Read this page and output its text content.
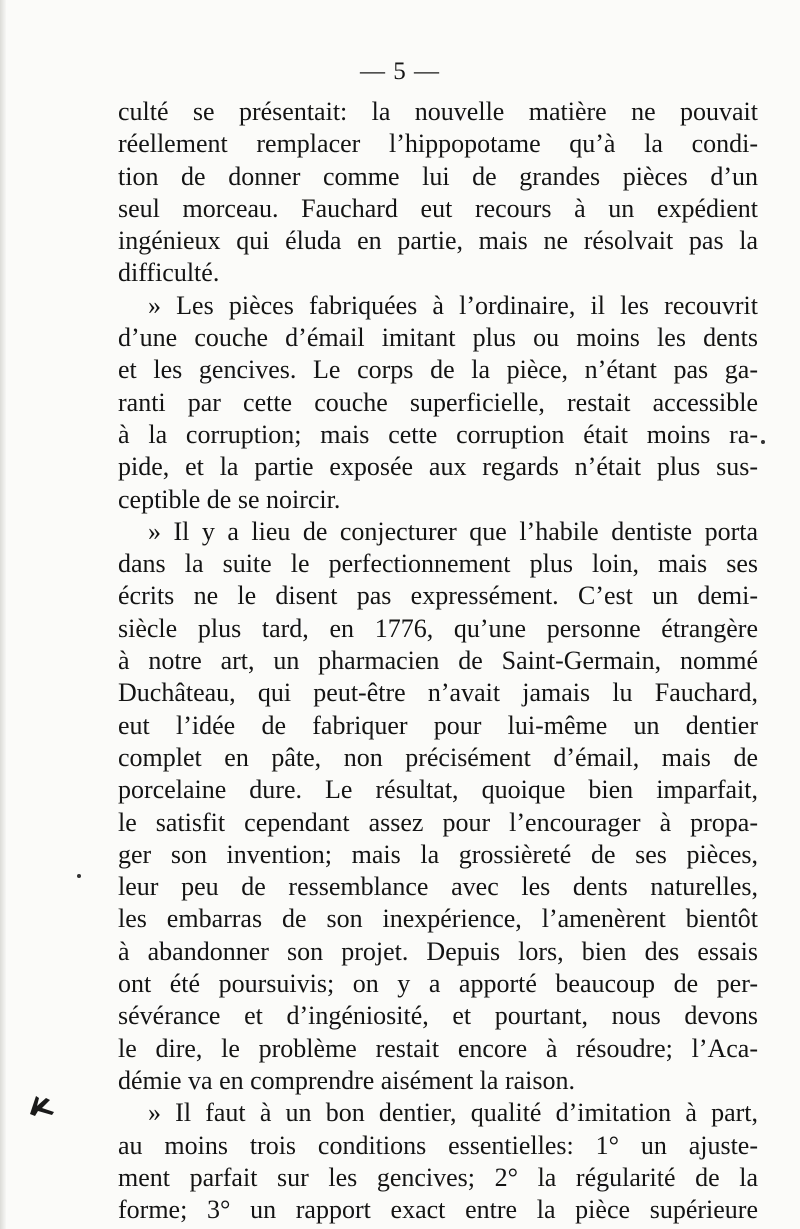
— 5 —
culté se présentait: la nouvelle matière ne pouvait
réellement remplacer l’hippopotame qu’à la condi-
tion de donner comme lui de grandes pièces d’un
seul morceau. Fauchard eut recours à un expédient
ingénieux qui éluda en partie, mais ne résolvait pas la
difficulté.
» Les pièces fabriquées à l’ordinaire, il les recouvrit
d’une couche d’émail imitant plus ou moins les dents
et les gencives. Le corps de la pièce, n’étant pas ga-
ranti par cette couche superficielle, restait accessible
à la corruption; mais cette corruption était moins ra-
pide, et la partie exposée aux regards n’était plus sus-
ceptible de se noircir.
» Il y a lieu de conjecturer que l’habile dentiste porta
dans la suite le perfectionnement plus loin, mais ses
écrits ne le disent pas expressément. C’est un demi-
siècle plus tard, en 1776, qu’une personne étrangère
à notre art, un pharmacien de Saint-Germain, nommé
Duchâteau, qui peut-être n’avait jamais lu Fauchard,
eut l’idée de fabriquer pour lui-même un dentier
complet en pâte, non précisément d’émail, mais de
porcelaine dure. Le résultat, quoique bien imparfait,
le satisfit cependant assez pour l’encourager à propa-
ger son invention; mais la grossièreté de ses pièces,
leur peu de ressemblance avec les dents naturelles,
les embarras de son inexpérience, l’amenèrent bientôt
à abandonner son projet. Depuis lors, bien des essais
ont été poursuivis; on y a apporté beaucoup de per-
sévérance et d’ingéniosité, et pourtant, nous devons
le dire, le problème restait encore à résoudre; l’Aca-
démie va en comprendre aisément la raison.
» Il faut à un bon dentier, qualité d’imitation à part,
au moins trois conditions essentielles: 1° un ajuste-
ment parfait sur les gencives; 2° la régularité de la
forme; 3° un rapport exact entre la pièce supérieure
